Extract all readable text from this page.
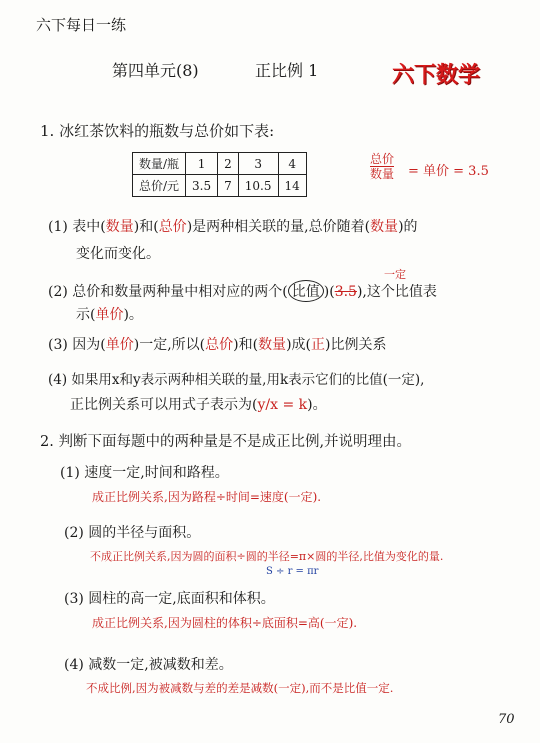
六下每日一练
第四单元(8)	正比例 1	六下数学
1. 冰红茶饮料的瓶数与总价如下表:
数量/瓶	1	2	3	4
总价/元	3.5	7	10.5	14
总价
数量 = 单价 = 3.5
(1) 表中(数量)和(总价)是两种相关联的量,总价随着(数量)的
变化而变化。
一定
(2) 总价和数量两种量中相对应的两个( 比值 )(3.5),这个比值表
示(单价)。
(3) 因为(单价)一定,所以(总价)和(数量)成(正)比例关系
(4) 如果用x和y表示两种相关联的量,用k表示它们的比值(一定),
正比例关系可以用式子表示为(y/x = k)。
2. 判断下面每题中的两种量是不是成正比例,并说明理由。
(1) 速度一定,时间和路程。
成正比例关系,因为路程÷时间=速度(一定).
(2) 圆的半径与面积。
不成正比例关系,因为圆的面积÷圆的半径=π×圆的半径,比值为变化的量.
S ÷ r = πr
(3) 圆柱的高一定,底面积和体积。
成正比例关系,因为圆柱的体积÷底面积=高(一定).
(4) 减数一定,被减数和差。
不成比例,因为被减数与差的差是减数(一定),而不是比值一定.
70
